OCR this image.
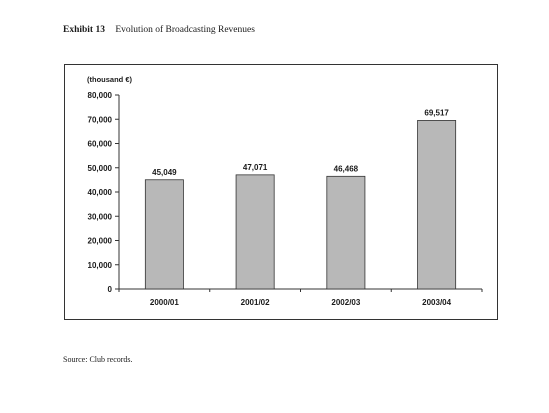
Exhibit 13 Evolution of Broadcasting Revenues
(thousand €)
0
10,000
20,000
30,000
40,000
50,000
60,000
70,000
80,000
45,049
47,071	46,468
69,517
2000/01	2001/02	2002/03	2003/04
Source: Club records.
